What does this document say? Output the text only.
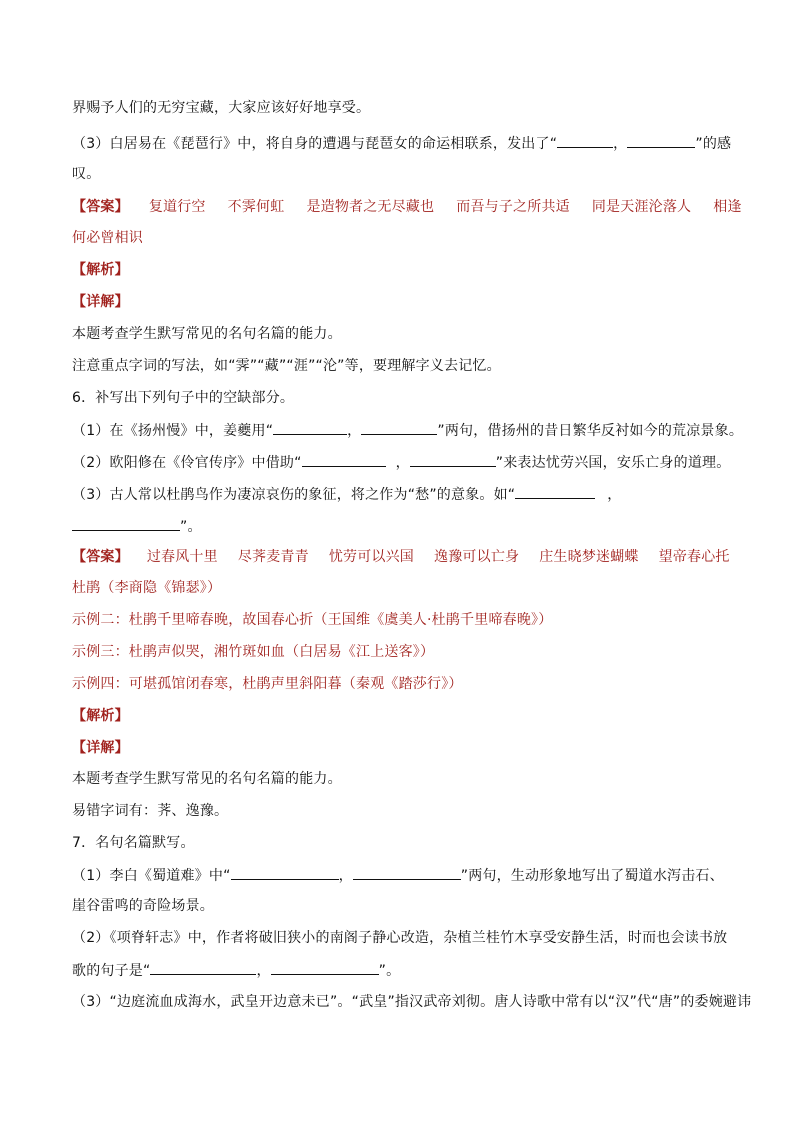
界赐予人们的无穷宝藏，大家应该好好地享受。
（3）白居易在《琵琶行》中，将自身的遭遇与琵琶女的命运相联系，发出了“	，	”的感
叹。
【答案】 复道行空 不霁何虹 是造物者之无尽藏也 而吾与子之所共适 同是天涯沦落人 相逢
何必曾相识
【解析】
【详解】
本题考查学生默写常见的名句名篇的能力。
注意重点字词的写法，如“霁”“藏”“涯”“沦”等，要理解字义去记忆。
6．补写出下列句子中的空缺部分。
（1）在《扬州慢》中，姜夔用“	，	”两句，借扬州的昔日繁华反衬如今的荒凉景象。
（2）欧阳修在《伶官传序》中借助“	，	”来表达忧劳兴国，安乐亡身的道理。
（3）古人常以杜鹃鸟作为凄凉哀伤的象征，将之作为“愁”的意象。如“	，
”。
【答案】 过春风十里 尽荠麦青青 忧劳可以兴国 逸豫可以亡身 庄生晓梦迷蝴蝶 望帝春心托
杜鹃（李商隐《锦瑟》）
示例二：杜鹃千里啼春晚，故国春心折（王国维《虞美人·杜鹃千里啼春晚》）
示例三：杜鹃声似哭，湘竹斑如血（白居易《江上送客》）
示例四：可堪孤馆闭春寒，杜鹃声里斜阳暮（秦观《踏莎行》）
【解析】
【详解】
本题考查学生默写常见的名句名篇的能力。
易错字词有：荠、逸豫。
7．名句名篇默写。
（1）李白《蜀道难》中“	，	”两句，生动形象地写出了蜀道水泻击石、
崖谷雷鸣的奇险场景。
（2）《项脊轩志》中，作者将破旧狭小的南阁子静心改造，杂植兰桂竹木享受安静生活，时而也会读书放
歌的句子是“	，	”。
（3）“边庭流血成海水，武皇开边意未已”。“武皇”指汉武帝刘彻。唐人诗歌中常有以“汉”代“唐”的委婉避讳
